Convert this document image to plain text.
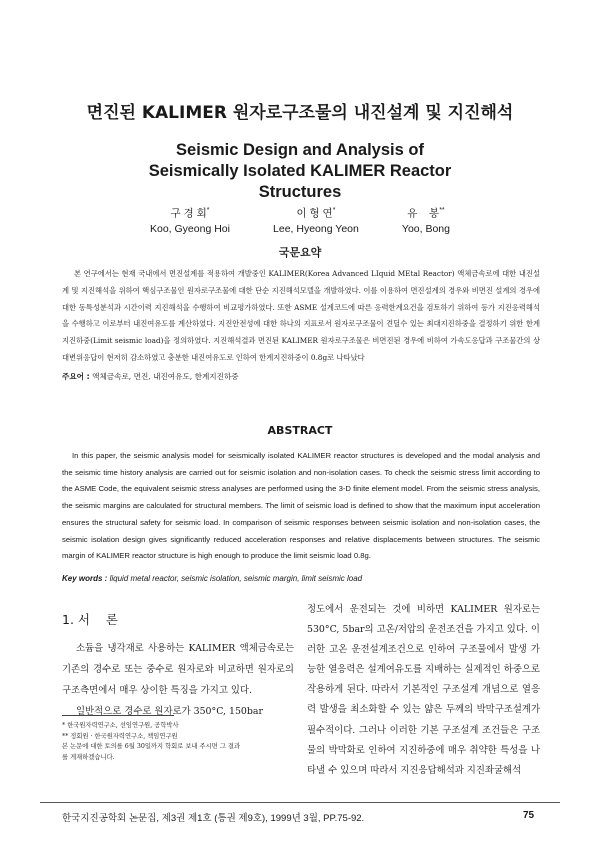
면진된 KALIMER 원자로구조물의 내진설계 및 지진해석
Seismic Design and Analysis of Seismically Isolated KALIMER Reactor Structures
구 경 회*
Koo, Gyeong Hoi
이 형 연*
Lee, Hyeong Yeon
유    봉**
Yoo, Bong
국문요약

본 연구에서는 현재 국내에서 면진설계를 적용하여 개발중인 KALIMER(Korea Advanced LIquid MEtal Reactor) 액체금속로에 대한 내진설계 및 지진해석을 위하여 핵심구조물인 원자로구조물에 대한 단순 지진해석모델을 개발하였다. 이를 이용하여 면진설계의 경우와 비면진 설계의 경우에 대한 동특성분석과 시간이력 지진해석을 수행하여 비교평가하였다. 또한 ASME 설계코드에 따른 응력한계요건을 검토하기 위하여 등가 지진응력해석을 수행하고 이로부터 내진여유도를 계산하였다. 지진안전성에 대한 하나의 지표로서 원자로구조물이 견딜수 있는 최대지진하중을 결정하기 위한 한계지진하중(Limit seismic load)을 정의하였다. 지진해석결과 면진된 KALIMER 원자로구조물은 비면진된 경우에 비하여 가속도응답과 구조물간의 상대변위응답이 현저히 감소하였고 충분한 내진여유도로 인하여 한계지진하중이 0.8g로 나타났다

주요어 : 액체금속로, 면진, 내진여유도, 한계지진하중
ABSTRACT

In this paper, the seismic analysis model for seismically isolated KALIMER reactor structures is developed and the modal analysis and the seismic time history analysis are carried out for seismic isolation and non-isolation cases. To check the seismic stress limit according to the ASME Code, the equivalent seismic stress analyses are performed using the 3-D finite element model. From the seismic stress analysis, the seismic margins are calculated for structural members. The limit of seismic load is defined to show that the maximum input acceleration ensures the structural safety for seismic load. In comparison of seismic responses between seismic isolation and non-isolation cases, the seismic isolation design gives significantly reduced acceleration responses and relative displacements between structures. The seismic margin of KALIMER reactor structure is high enough to produce the limit seismic load 0.8g.

Key words : liquid metal reactor, seismic isolation, seismic margin, limit seismic load
1. 서    론

소듐을 냉각재로 사용하는 KALIMER 액체금속로는 기존의 경수로 또는 중수로 원자로와 비교하면 원자로의 구조측면에서 매우 상이한 특징을 가지고 있다.

일반적으로 경수로 원자로가 350°C, 150bar

* 한국원자력연구소, 선임연구원, 공학박사
** 정회원 · 한국원자력연구소, 책임연구원
본 논문에 대한 토의를 6월 30일까지 학회로 보내 주시면 그 결과
를 게재하겠습니다.

정도에서 운전되는 것에 비하면 KALIMER 원자로는 530°C, 5bar의 고온/저압의 운전조건을 가지고 있다. 이러한 고온 운전설계조건으로 인하여 구조물에서 발생 가능한 열응력은 설계여유도를 지배하는 실제적인 하중으로 작용하게 된다. 따라서 기본적인 구조설계 개념으로 열응력 발생을 최소화할 수 있는 얇은 두께의 박막구조설계가 필수적이다. 그러나 이러한 기본 구조설계 조건들은 구조물의 박막화로 인하여 지진하중에 매우 취약한 특성을 나타낼 수 있으며 따라서 지진응답해석과 지진좌굴해석

한국지진공학회 논문집, 제3권 제1호 (통권 제9호), 1999년 3월, PP.75-92.	75
